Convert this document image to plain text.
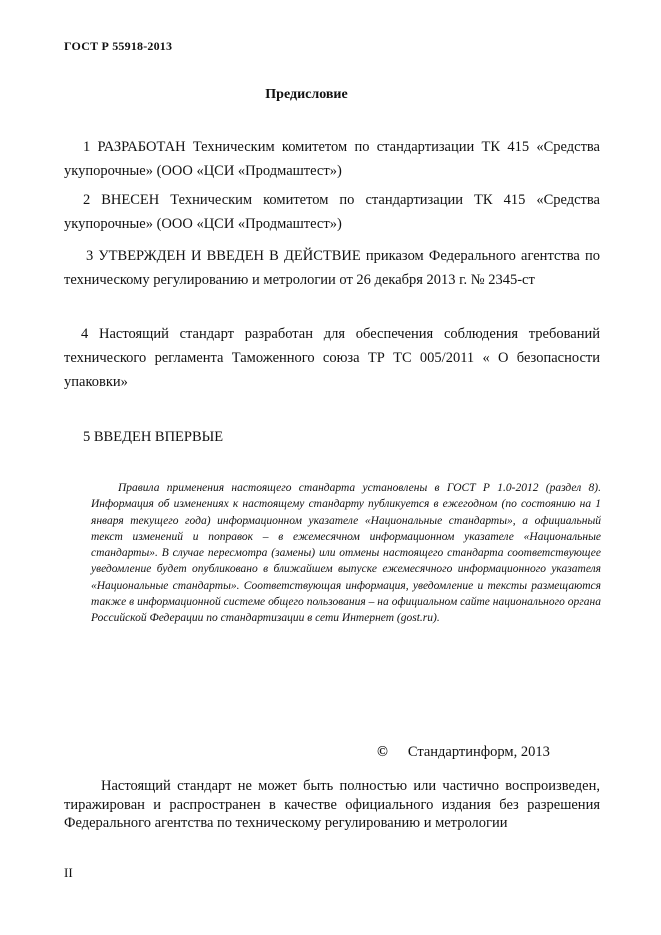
ГОСТ Р 55918-2013
Предисловие
1 РАЗРАБОТАН Техническим комитетом по стандартизации ТК 415 «Средства укупорочные» (ООО «ЦСИ «Продмаштест»)
2 ВНЕСЕН Техническим комитетом по стандартизации ТК 415 «Средства укупорочные» (ООО «ЦСИ «Продмаштест»)
3 УТВЕРЖДЕН И ВВЕДЕН В ДЕЙСТВИЕ приказом Федерального агентства по техническому регулированию и метрологии от 26 декабря 2013 г. № 2345-ст
4 Настоящий стандарт разработан для обеспечения соблюдения требований технического регламента Таможенного союза ТР ТС 005/2011 « О безопасности упаковки»
5 ВВЕДЕН ВПЕРВЫЕ
Правила применения настоящего стандарта установлены в ГОСТ Р 1.0-2012 (раздел 8). Информация об изменениях к настоящему стандарту публикуется в ежегодном (по состоянию на 1 января текущего года) информационном указателе «Национальные стандарты», а официальный текст изменений и поправок – в ежемесячном информационном указателе «Национальные стандарты». В случае пересмотра (замены) или отмены настоящего стандарта соответствующее уведомление будет опубликовано в ближайшем выпуске ежемесячного информационного указателя «Национальные стандарты». Соответствующая информация, уведомление и тексты размещаются также в информационной системе общего пользования – на официальном сайте национального органа Российской Федерации по стандартизации в сети Интернет (gost.ru).
© Стандартинформ, 2013
Настоящий стандарт не может быть полностью или частично воспроизведен, тиражирован и распространен в качестве официального издания без разрешения Федерального агентства по техническому регулированию и метрологии
II
